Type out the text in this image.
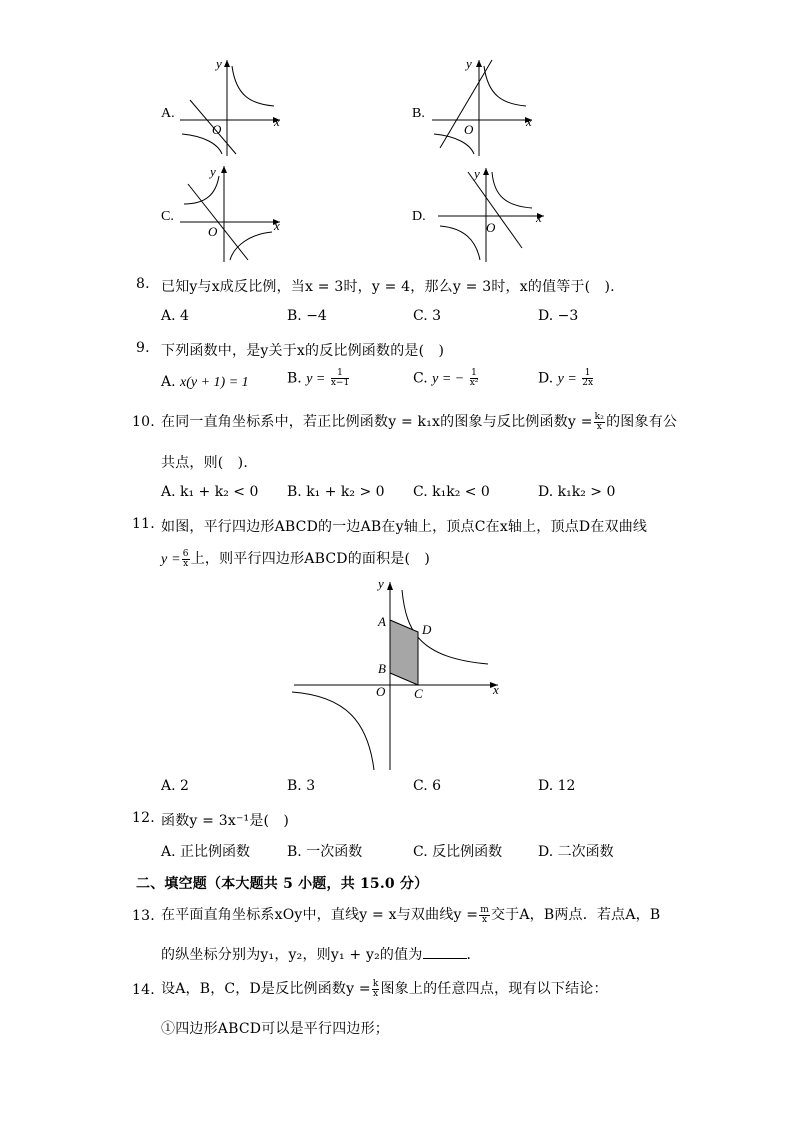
A.
y
x
O
B.
y
x
O
C.
y
x
O
D.
y
x
O
8. 已知y与x成反比例，当x = 3时，y = 4，那么y = 3时，x的值等于(　).
A. 4	B. −4	C. 3	D. −3
9. 下列函数中，是y关于x的反比例函数的是(　)
A. x(y + 1) = 1	B. $y = \frac{1}{x-1}$	C. y = − $\frac{1}{\text{x²}}$	D. $y = \frac{1}{2x}$
10. 在同一直角坐标系中，若正比例函数y = k₁x的图象与反比例函数$y = \frac{\text{k₂}}{x}$ 的图象有公
共点，则(　).
A. k₁ + k₂ < 0 B. k₁ + k₂ > 0 C. k₁k₂ < 0	D. k₁k₂ > 0
11. 如图，平行四边形ABCD的一边AB在y轴上，顶点C在x轴上，顶点D在双曲线
$y = \frac{6}{x}$ 上，则平行四边形ABCD的面积是(　)
y
x
A
B
C
D
O
A. 2	B. 3	C. 6	D. 12
12. 函数y = 3x⁻¹是(　)
A. 正比例函数	B. 一次函数	C. 反比例函数	D. 二次函数
二、填空题（本大题共 5 小题，共 15.0 分）
13. 在平面直角坐标系xOy中，直线y = x与双曲线$y = \frac{m}{x}$ 交于A，B两点．若点A，B
的纵坐标分别为y₁，y₂，则y₁ + y₂的值为	．
14. 设A，B，C，D是反比例函数$y = \frac{k}{x}$ 图象上的任意四点，现有以下结论：
①四边形ABCD可以是平行四边形；
